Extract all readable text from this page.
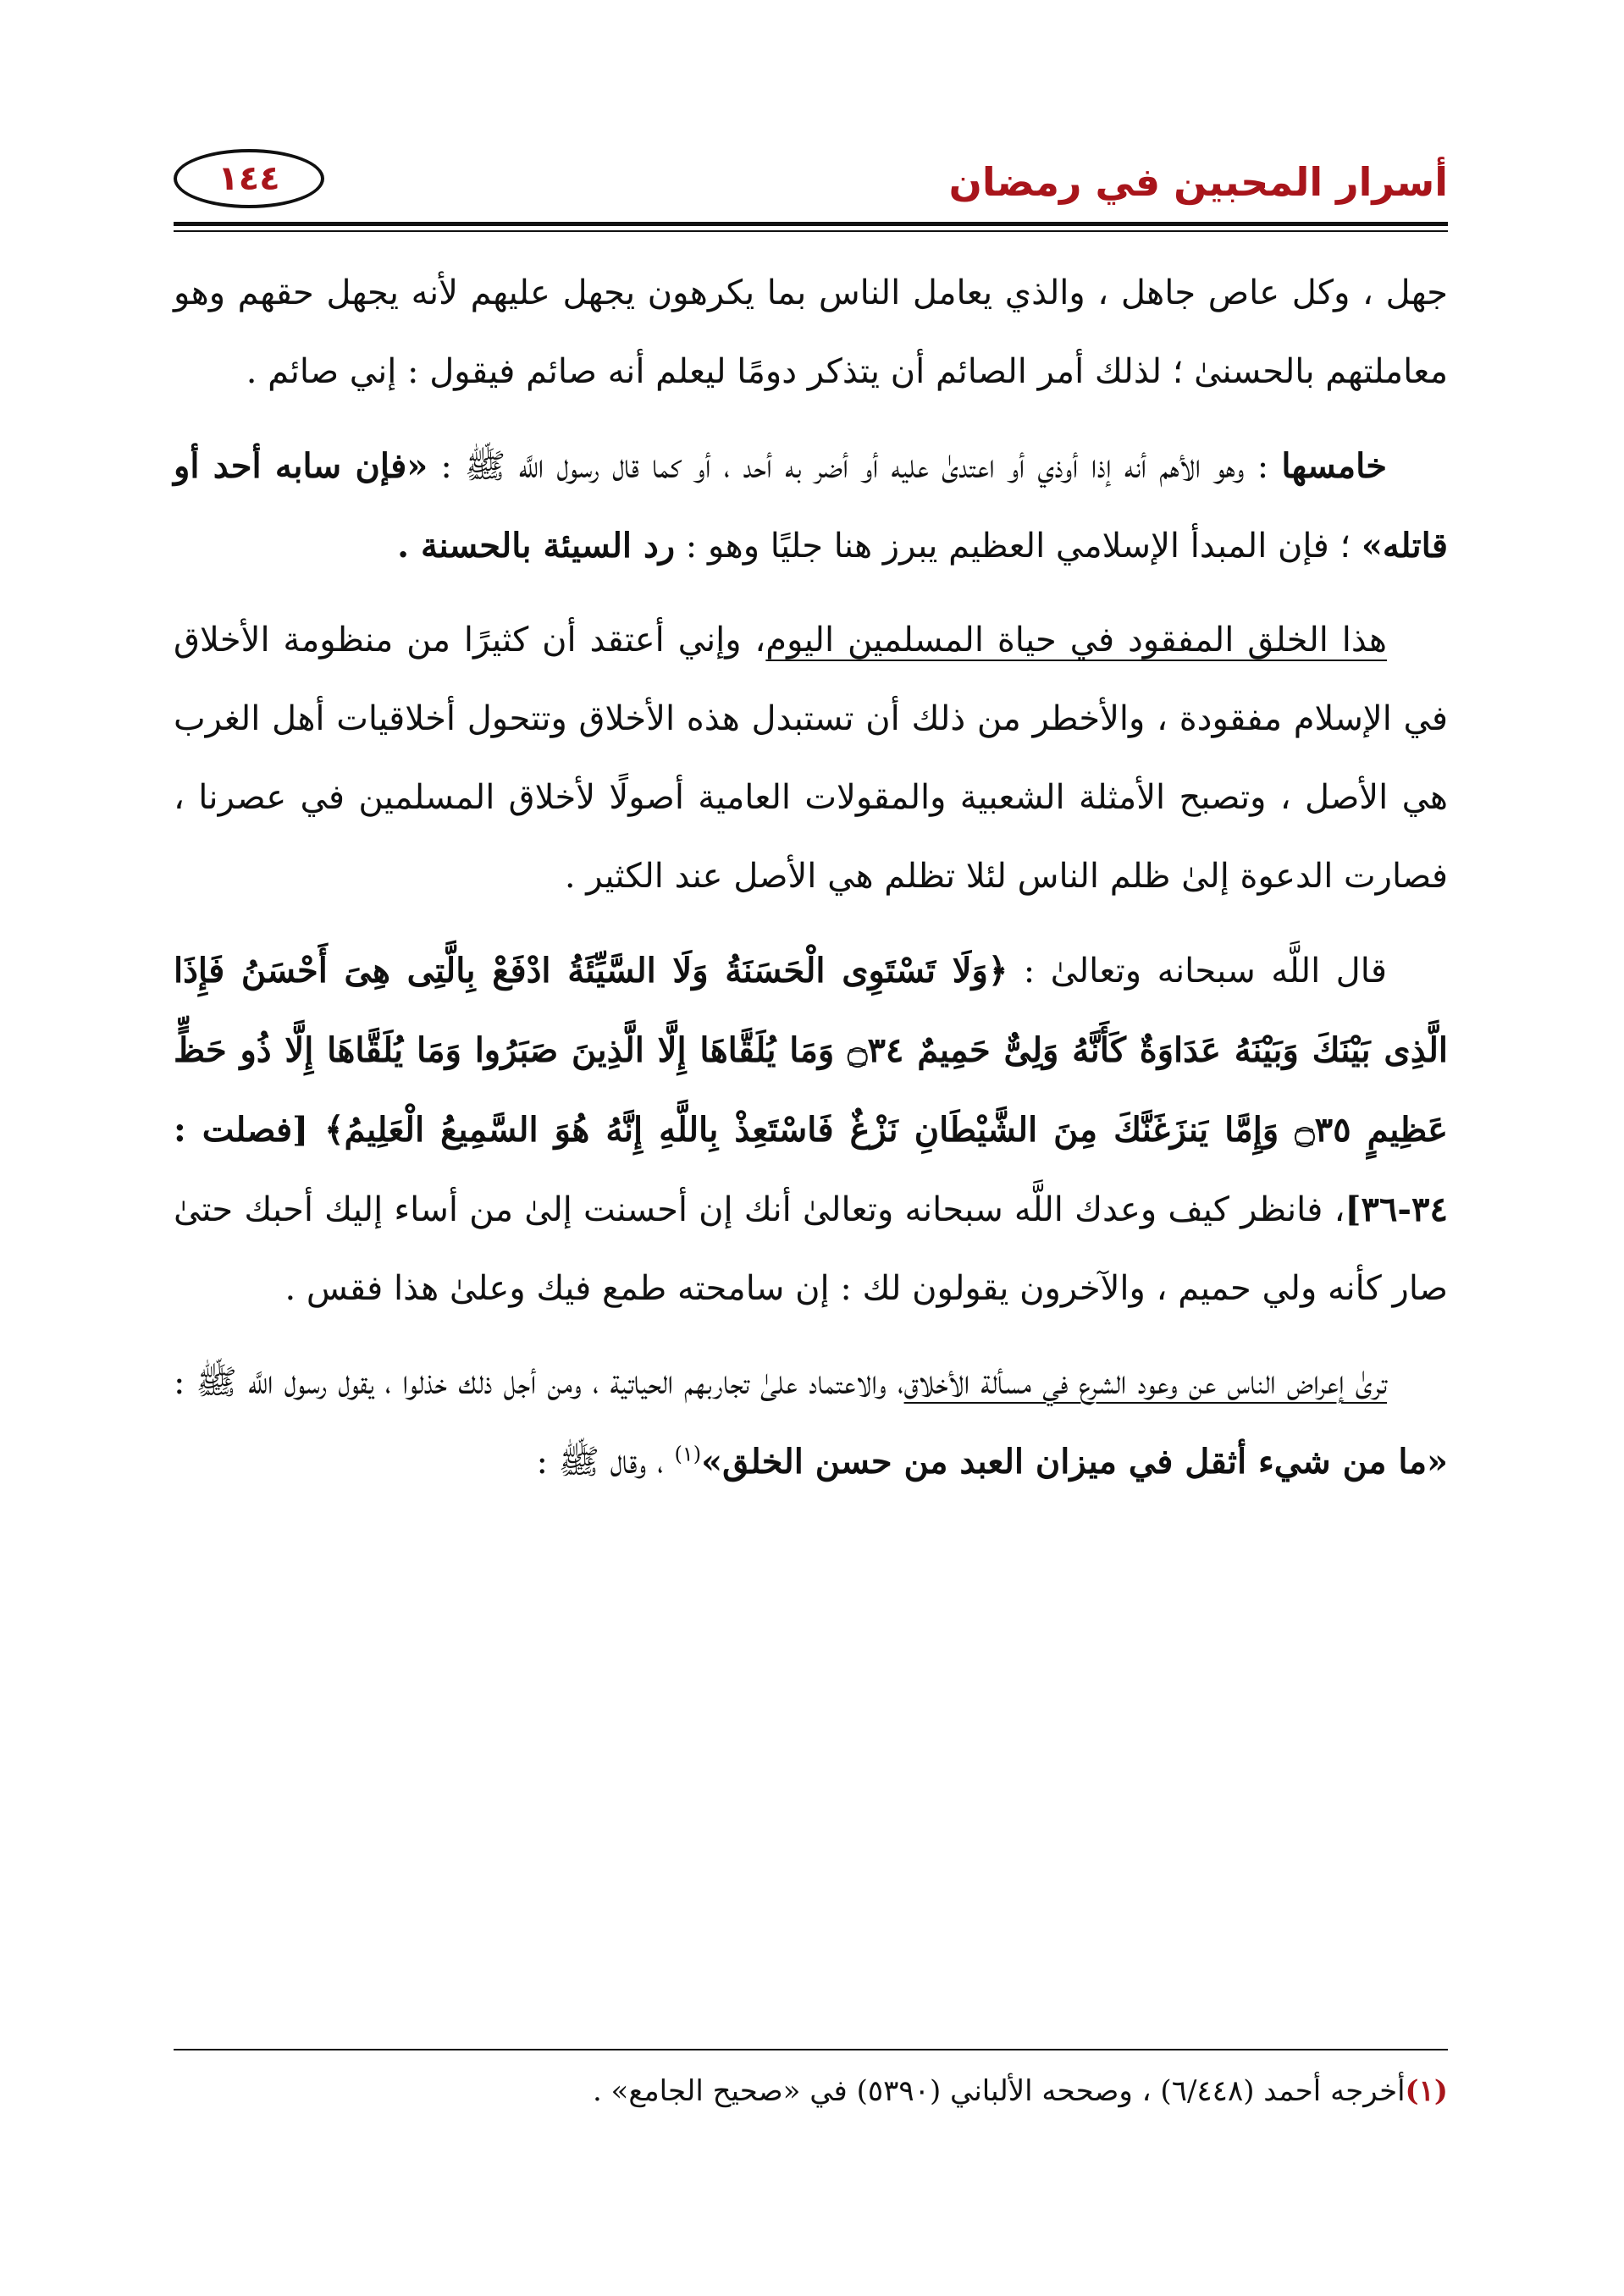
أسرار المحبين في رمضان
١٤٤

جهل ، وكل عاص جاهل ، والذي يعامل الناس بما يكرهون يجهل عليهم لأنه يجهل حقهم وهو معاملتهم بالحسنىٰ ؛ لذلك أمر الصائم أن يتذكر دومًا ليعلم أنه صائم فيقول : إني صائم .

خامسها : وهو الأهم أنه إذا أوذي أو اعتدىٰ عليه أو أضر به أحد ، أو كما قال رسول اللَّه ﷺ : «فإن سابه أحد أو قاتله» ؛ فإن المبدأ الإسلامي العظيم يبرز هنا جليًا وهو : رد السيئة بالحسنة .

هذا الخلق المفقود في حياة المسلمين اليوم، وإني أعتقد أن كثيرًا من منظومة الأخلاق في الإسلام مفقودة ، والأخطر من ذلك أن تستبدل هذه الأخلاق وتتحول أخلاقيات أهل الغرب هي الأصل ، وتصبح الأمثلة الشعبية والمقولات العامية أصولًا لأخلاق المسلمين في عصرنا ، فصارت الدعوة إلىٰ ظلم الناس لئلا تظلم هي الأصل عند الكثير .

قال اللَّه سبحانه وتعالىٰ : ﴿وَلَا تَسْتَوِى الْحَسَنَةُ وَلَا السَّيِّئَةُ ادْفَعْ بِالَّتِى هِىَ أَحْسَنُ فَإِذَا الَّذِى بَيْنَكَ وَبَيْنَهُ عَدَاوَةٌ كَأَنَّهُ وَلِىٌّ حَمِيمٌ ۝٣٤ وَمَا يُلَقَّاهَا إِلَّا الَّذِينَ صَبَرُوا وَمَا يُلَقَّاهَا إِلَّا ذُو حَظٍّ عَظِيمٍ ۝٣٥ وَإِمَّا يَنزَغَنَّكَ مِنَ الشَّيْطَانِ نَزْغٌ فَاسْتَعِذْ بِاللَّهِ إِنَّهُ هُوَ السَّمِيعُ الْعَلِيمُ﴾ [فصلت : ٣٤-٣٦]، فانظر كيف وعدك اللَّه سبحانه وتعالىٰ أنك إن أحسنت إلىٰ من أساء إليك أحبك حتىٰ صار كأنه ولي حميم ، والآخرون يقولون لك : إن سامحته طمع فيك وعلىٰ هذا فقس .

ترىٰ إعراض الناس عن وعود الشرع في مسألة الأخلاق، والاعتماد علىٰ تجاربهم الحياتية ، ومن أجل ذلك خذلوا ، يقول رسول اللَّه ﷺ : «ما من شيء أثقل في ميزان العبد من حسن الخلق»$^{(١)}$ ، وقال ﷺ :

(١)أخرجه أحمد (٦/٤٤٨) ، وصححه الألباني (٥٣٩٠) في «صحيح الجامع» .
